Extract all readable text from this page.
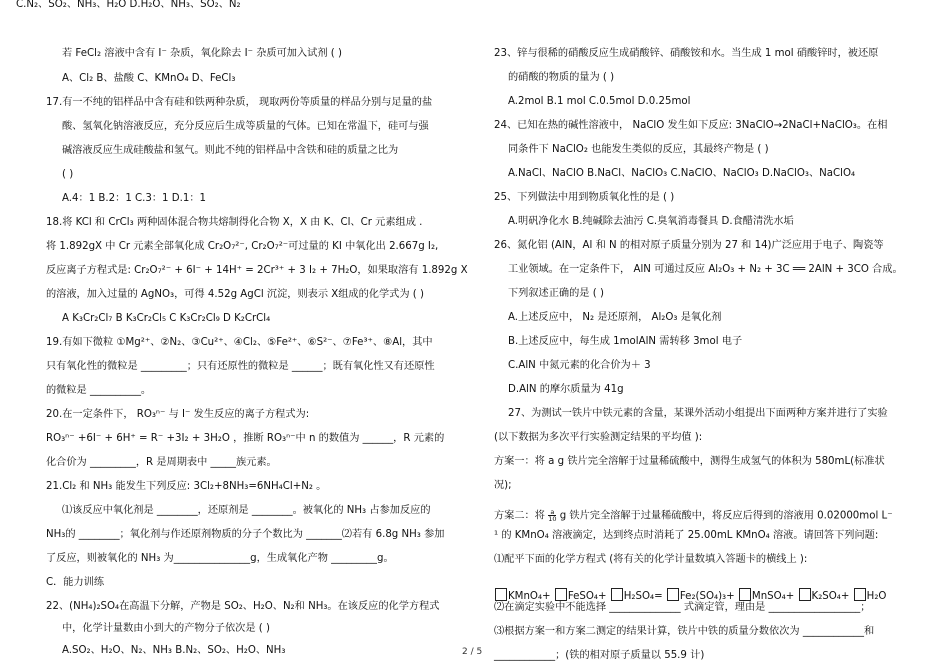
若 FeCl₂ 溶液中含有 I⁻ 杂质，氧化除去 I⁻ 杂质可加入试剂 ( )
A、Cl₂ B、盐酸 C、KMnO₄ D、FeCl₃
17.有一不纯的铝样品中含有硅和铁两种杂质， 现取两份等质量的样品分别与足量的盐
酸、氢氧化钠溶液反应，充分反应后生成等质量的气体。已知在常温下，硅可与强
碱溶液反应生成硅酸盐和氢气。则此不纯的铝样品中含铁和硅的质量之比为
( )
A.4：1 B.2：1 C.3：1 D.1：1
18.将 KCl 和 CrCl₃ 两种固体混合物共熔制得化合物 X，X 由 K、Cl、Cr 元素组成 .
将 1.892gX 中 Cr 元素全部氧化成 Cr₂O₇²⁻, Cr₂O₇²⁻可过量的 KI 中氧化出 2.667g I₂,
反应离子方程式是: Cr₂O₇²⁻ + 6I⁻ + 14H⁺ = 2Cr³⁺ + 3 I₂ + 7H₂O，如果取溶有 1.892g X
的溶液，加入过量的 AgNO₃，可得 4.52g AgCl 沉淀，则表示 X组成的化学式为 ( )
A K₃Cr₂Cl₇ B K₃Cr₂Cl₅ C K₃Cr₂Cl₉ D K₂CrCl₄
19.有如下微粒 ①Mg²⁺、②N₂、③Cu²⁺、④Cl₂、⑤Fe²⁺、⑥S²⁻、⑦Fe³⁺、⑧Al，其中
只有氧化性的微粒是 _________；只有还原性的微粒是 ______；既有氧化性又有还原性
的微粒是 __________。
20.在一定条件下， RO₃ⁿ⁻ 与 I⁻ 发生反应的离子方程式为:
RO₃ⁿ⁻ +6I⁻ + 6H⁺ = R⁻ +3I₂ + 3H₂O ，推断 RO₃ⁿ⁻中 n 的数值为 ______，R 元素的
化合价为 _________，R 是周期表中 _____族元素。
21.Cl₂ 和 NH₃ 能发生下列反应: 3Cl₂+8NH₃=6NH₄Cl+N₂ 。
⑴该反应中氧化剂是 ________，还原剂是 ________。被氧化的 NH₃ 占参加反应的
NH₃的 ________；氧化剂与作还原剂物质的分子个数比为 _______⑵若有 6.8g NH₃ 参加
了反应，则被氧化的 NH₃ 为_______________g，生成氧化产物 _________g。
C．能力训练
22、(NH₄)₂SO₄在高温下分解，产物是 SO₂、H₂O、N₂和 NH₃。在该反应的化学方程式
中，化学计量数由小到大的产物分子依次是 ( )
A.SO₂、H₂O、N₂、NH₃ B.N₂、SO₂、H₂O、NH₃
C.N₂、SO₂、NH₃、H₂O D.H₂O、NH₃、SO₂、N₂
方案二：将 $\frac{a}{10}$ g 铁片完全溶解于过量稀硫酸中，将反应后得到的溶液用 0.02000mol L⁻
KMnO₄+ FeSO₄+ H₂SO₄= Fe₂(SO₄)₃+ MnSO₄+ K₂SO₄+ H₂O
23、锌与很稀的硝酸反应生成硝酸锌、硝酸铵和水。当生成 1 mol 硝酸锌时，被还原
的硝酸的物质的量为 ( )
A.2mol B.1 mol C.0.5mol D.0.25mol
24、已知在热的碱性溶液中， NaClO 发生如下反应: 3NaClO→2NaCl+NaClO₃。在相
同条件下 NaClO₂ 也能发生类似的反应，其最终产物是 ( )
A.NaCl、NaClO B.NaCl、NaClO₃ C.NaClO、NaClO₃ D.NaClO₃、NaClO₄
25、下列做法中用到物质氧化性的是 ( )
A.明矾净化水 B.纯碱除去油污 C.臭氧消毒餐具 D.食醋清洗水垢
26、氮化铝 (AlN，Al 和 N 的相对原子质量分别为 27 和 14)广泛应用于电子、陶瓷等
工业领域。在一定条件下， AlN 可通过反应 Al₂O₃ + N₂ + 3C ══ 2AlN + 3CO 合成。
下列叙述正确的是 ( )
A.上述反应中， N₂ 是还原剂， Al₂O₃ 是氧化剂
B.上述反应中，每生成 1molAlN 需转移 3mol 电子
C.AlN 中氮元素的化合价为＋ 3
D.AlN 的摩尔质量为 41g
27、为测试一铁片中铁元素的含量，某课外活动小组提出下面两种方案并进行了实验
(以下数据为多次平行实验测定结果的平均值 ):
方案一：将 a g 铁片完全溶解于过量稀硫酸中，测得生成氢气的体积为 580mL(标准状
况);
¹ 的 KMnO₄ 溶液滴定，达到终点时消耗了 25.00mL KMnO₄ 溶液。请回答下列问题:
⑴配平下面的化学方程式 (将有关的化学计量数填入答题卡的横线上 ):
⑵在滴定实验中不能选择 ______________ 式滴定管，理由是 __________________；
⑶根据方案一和方案二测定的结果计算，铁片中铁的质量分数依次为 ____________和
____________；(铁的相对原子质量以 55.9 计)
2 / 5
